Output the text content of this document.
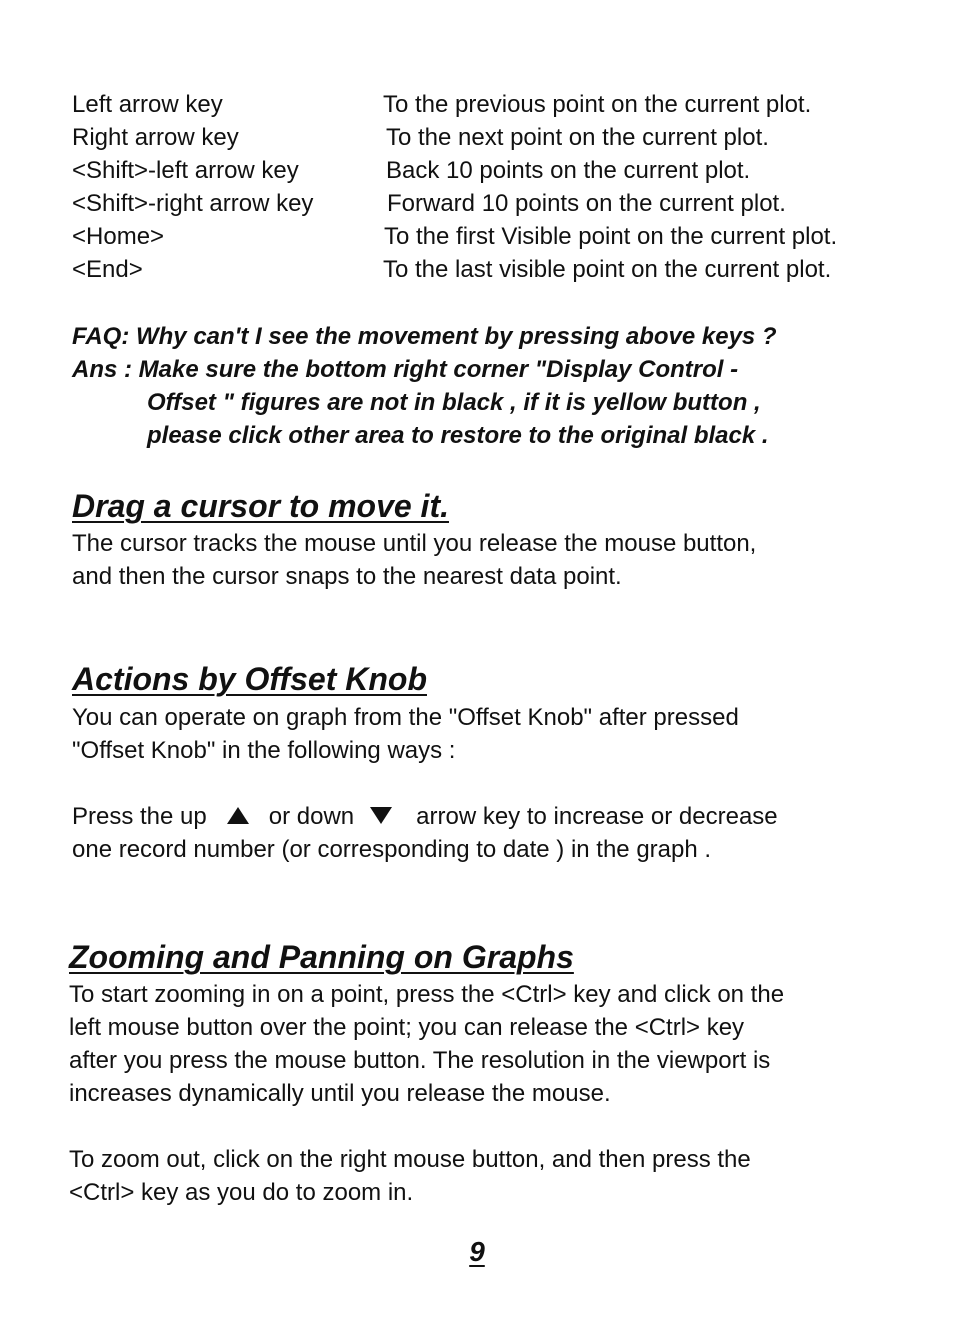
Left arrow key	To the previous point on the current plot.
Right arrow key	To the next point on the current plot.
<Shift>-left arrow key	Back 10 points on the current plot.
<Shift>-right arrow key	Forward 10 points on the current plot.
<Home>	To the first Visible point on the current plot.
<End>	To the last visible point on the current plot.
FAQ: Why can't I see the movement by pressing above keys ?
Ans : Make sure the bottom right corner "Display Control -
Offset " figures are not in black , if it is yellow button ,
please click other area to restore to the original black .
Drag a cursor to move it.
The cursor tracks the mouse until you release the mouse button,
and then the cursor snaps to the nearest data point.
Actions by Offset Knob
You can operate on graph from the "Offset Knob" after pressed
"Offset Knob" in the following ways :
Press the up	or down	arrow key to increase or decrease
one record number (or corresponding to date ) in the graph .
Zooming and Panning on Graphs
To start zooming in on a point, press the <Ctrl> key and click on the
left mouse button over the point; you can release the <Ctrl> key
after you press the mouse button. The resolution in the viewport is
increases dynamically until you release the mouse.
To zoom out, click on the right mouse button, and then press the
<Ctrl> key as you do to zoom in.
9
